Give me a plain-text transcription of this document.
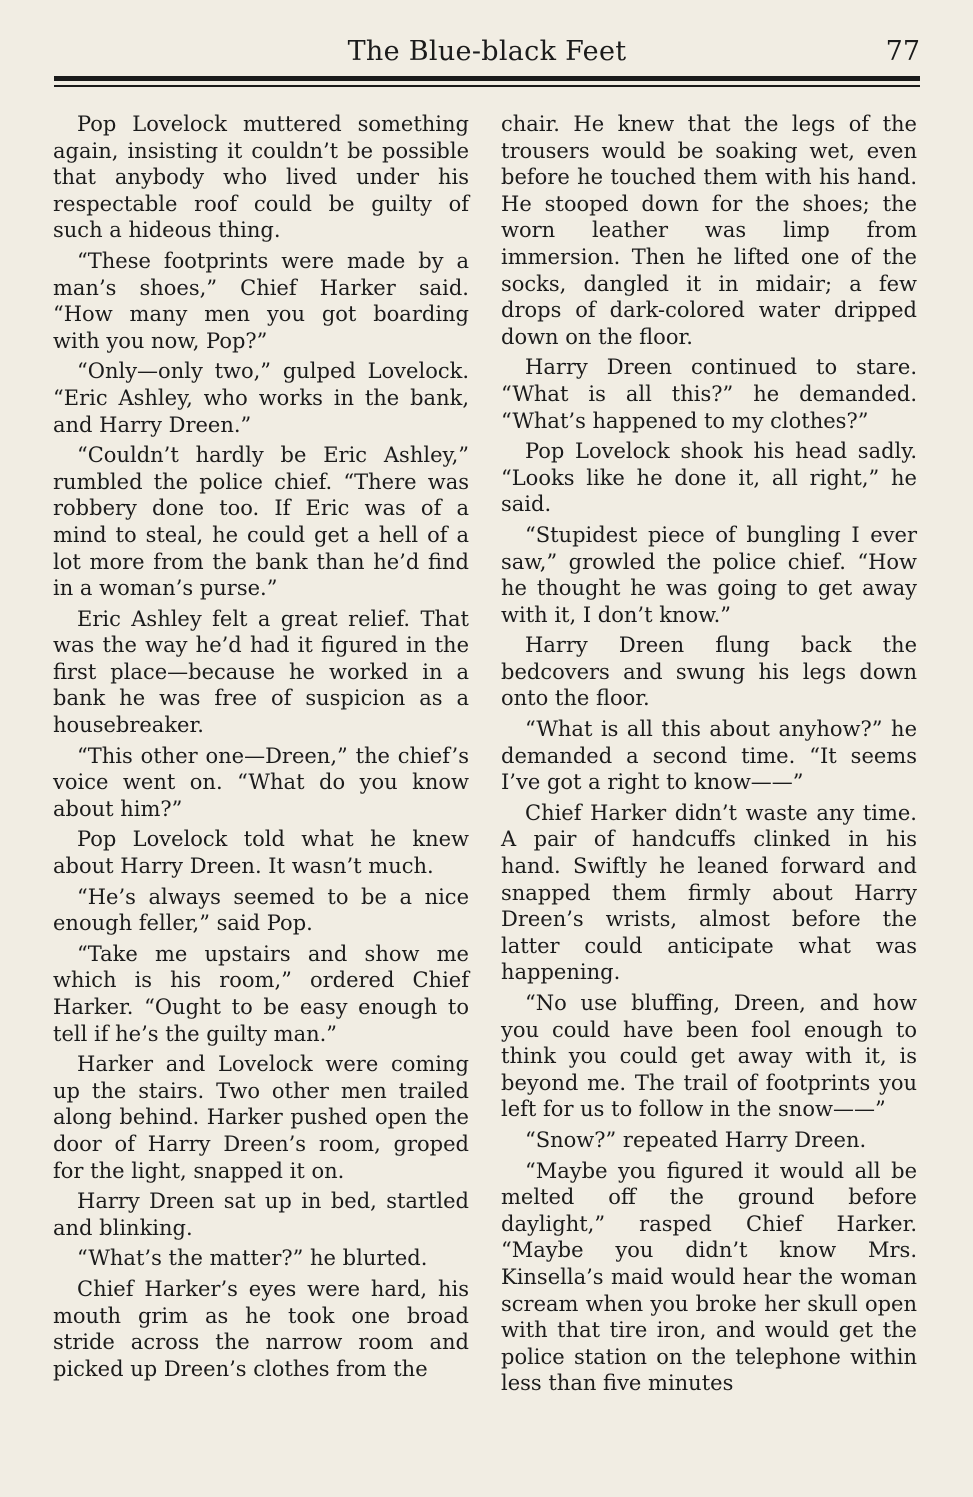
The Blue-black Feet	77

Pop Lovelock muttered something again, insisting it couldn’t be possible that anybody who lived under his respectable roof could be guilty of such a hideous thing.

“These footprints were made by a man’s shoes,” Chief Harker said. “How many men you got boarding with you now, Pop?”

“Only—only two,” gulped Lovelock. “Eric Ashley, who works in the bank, and Harry Dreen.”

“Couldn’t hardly be Eric Ashley,” rumbled the police chief. “There was robbery done too. If Eric was of a mind to steal, he could get a hell of a lot more from the bank than he’d find in a woman’s purse.”

Eric Ashley felt a great relief. That was the way he’d had it figured in the first place—because he worked in a bank he was free of suspicion as a housebreaker.

“This other one—Dreen,” the chief’s voice went on. “What do you know about him?”

Pop Lovelock told what he knew about Harry Dreen. It wasn’t much.

“He’s always seemed to be a nice enough feller,” said Pop.

“Take me upstairs and show me which is his room,” ordered Chief Harker. “Ought to be easy enough to tell if he’s the guilty man.”

Harker and Lovelock were coming up the stairs. Two other men trailed along behind. Harker pushed open the door of Harry Dreen’s room, groped for the light, snapped it on.

Harry Dreen sat up in bed, startled and blinking.

“What’s the matter?” he blurted.

Chief Harker’s eyes were hard, his mouth grim as he took one broad stride across the narrow room and picked up Dreen’s clothes from the

chair. He knew that the legs of the trousers would be soaking wet, even before he touched them with his hand. He stooped down for the shoes; the worn leather was limp from immersion. Then he lifted one of the socks, dangled it in midair; a few drops of dark-colored water dripped down on the floor.

Harry Dreen continued to stare. “What is all this?” he demanded. “What’s happened to my clothes?”

Pop Lovelock shook his head sadly. “Looks like he done it, all right,” he said.

“Stupidest piece of bungling I ever saw,” growled the police chief. “How he thought he was going to get away with it, I don’t know.”

Harry Dreen flung back the bedcovers and swung his legs down onto the floor.

“What is all this about anyhow?” he demanded a second time. “It seems I’ve got a right to know——”

Chief Harker didn’t waste any time. A pair of handcuffs clinked in his hand. Swiftly he leaned forward and snapped them firmly about Harry Dreen’s wrists, almost before the latter could anticipate what was happening.

“No use bluffing, Dreen, and how you could have been fool enough to think you could get away with it, is beyond me. The trail of footprints you left for us to follow in the snow——”

“Snow?” repeated Harry Dreen.

“Maybe you figured it would all be melted off the ground before daylight,” rasped Chief Harker. “Maybe you didn’t know Mrs. Kinsella’s maid would hear the woman scream when you broke her skull open with that tire iron, and would get the police station on the telephone within less than five minutes
